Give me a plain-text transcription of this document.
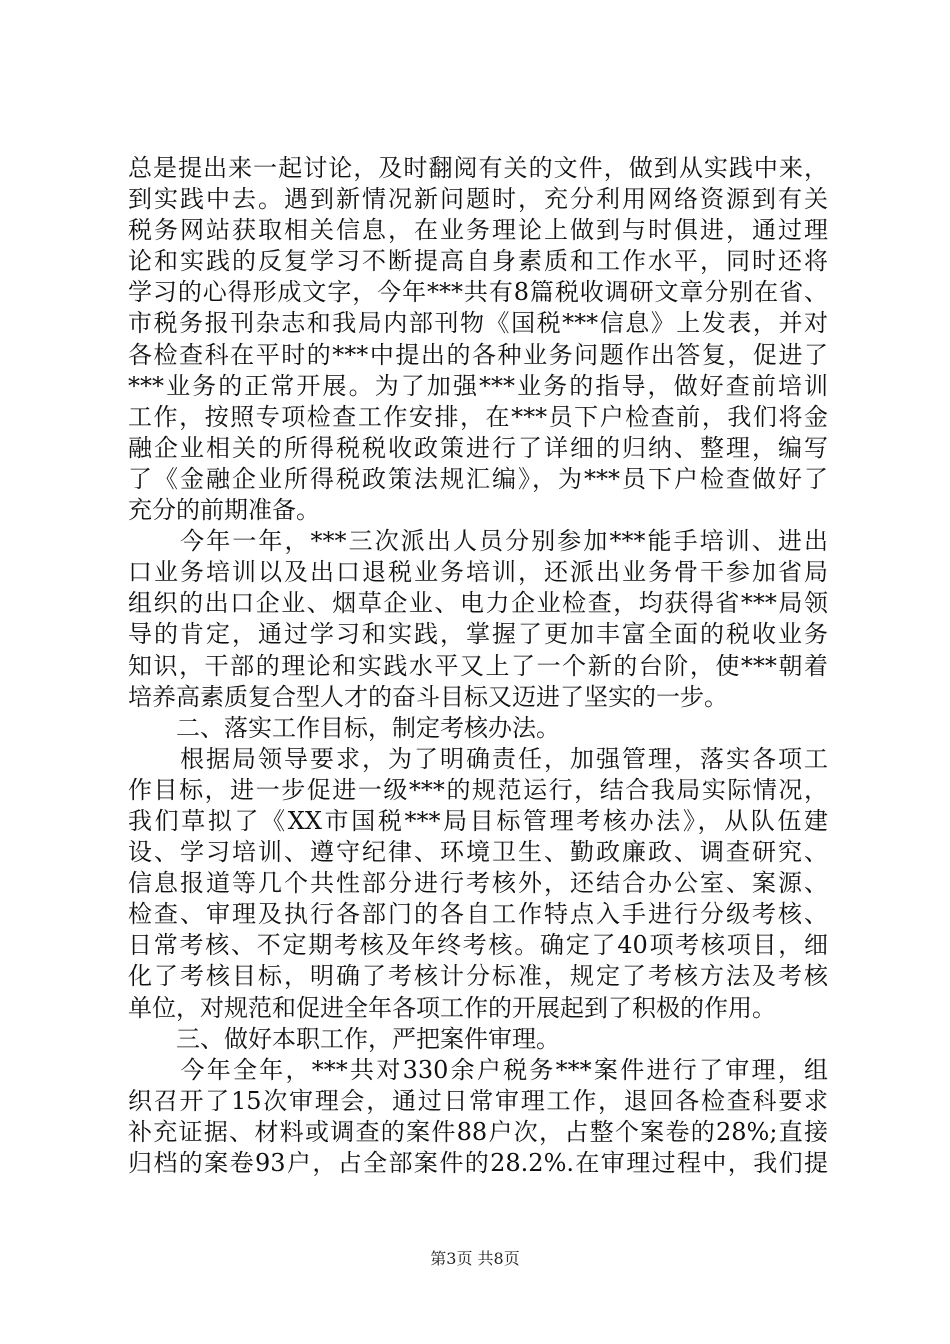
总是提出来一起讨论，及时翻阅有关的文件，做到从实践中来，
到实践中去。遇到新情况新问题时，充分利用网络资源到有关
税务网站获取相关信息，在业务理论上做到与时俱进，通过理
论和实践的反复学习不断提高自身素质和工作水平，同时还将
学习的心得形成文字，今年***共有8篇税收调研文章分别在省、
市税务报刊杂志和我局内部刊物《国税***信息》上发表，并对
各检查科在平时的***中提出的各种业务问题作出答复，促进了
***业务的正常开展。为了加强***业务的指导，做好查前培训
工作，按照专项检查工作安排，在***员下户检查前，我们将金
融企业相关的所得税税收政策进行了详细的归纳、整理，编写
了《金融企业所得税政策法规汇编》，为***员下户检查做好了
充分的前期准备。
　　今年一年，***三次派出人员分别参加***能手培训、进出
口业务培训以及出口退税业务培训，还派出业务骨干参加省局
组织的出口企业、烟草企业、电力企业检查，均获得省***局领
导的肯定，通过学习和实践，掌握了更加丰富全面的税收业务
知识，干部的理论和实践水平又上了一个新的台阶，使***朝着
培养高素质复合型人才的奋斗目标又迈进了坚实的一步。
　　二、落实工作目标，制定考核办法。
　　根据局领导要求，为了明确责任，加强管理，落实各项工
作目标，进一步促进一级***的规范运行，结合我局实际情况，
我们草拟了《XX市国税***局目标管理考核办法》，从队伍建
设、学习培训、遵守纪律、环境卫生、勤政廉政、调查研究、
信息报道等几个共性部分进行考核外，还结合办公室、案源、
检查、审理及执行各部门的各自工作特点入手进行分级考核、
日常考核、不定期考核及年终考核。确定了40项考核项目，细
化了考核目标，明确了考核计分标准，规定了考核方法及考核
单位，对规范和促进全年各项工作的开展起到了积极的作用。
　　三、做好本职工作，严把案件审理。
　　今年全年，***共对330余户税务***案件进行了审理，组
织召开了15次审理会，通过日常审理工作，退回各检查科要求
补充证据、材料或调查的案件88户次，占整个案卷的28%;直接
归档的案卷93户，占全部案件的28.2%.在审理过程中，我们提
第3页 共8页
